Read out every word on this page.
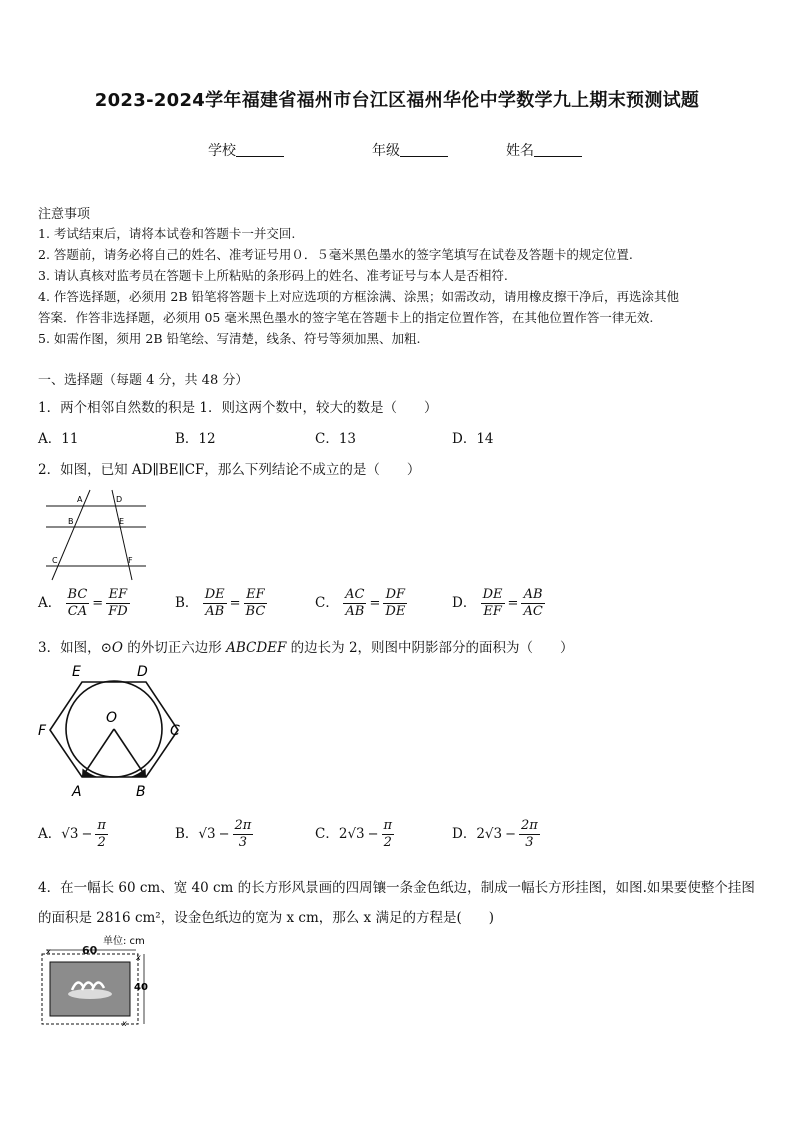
2023-2024学年福建省福州市台江区福州华伦中学数学九上期末预测试题
学校	年级	姓名
注意事项
1. 考试结束后，请将本试卷和答题卡一并交回.
2. 答题前，请务必将自己的姓名、准考证号用０．５毫米黑色墨水的签字笔填写在试卷及答题卡的规定位置.
3. 请认真核对监考员在答题卡上所粘贴的条形码上的姓名、准考证号与本人是否相符.
4. 作答选择题，必须用 2B 铅笔将答题卡上对应选项的方框涂满、涂黑；如需改动，请用橡皮擦干净后，再选涂其他
答案．作答非选择题，必须用 05 毫米黑色墨水的签字笔在答题卡上的指定位置作答，在其他位置作答一律无效.
5. 如需作图，须用 2B 铅笔绘、写清楚，线条、符号等须加黑、加粗.
一、选择题（每题 4 分，共 48 分）
1．两个相邻自然数的积是 1．则这两个数中，较大的数是（　　）
A．11	B．12	C．13	D．14
2．如图，已知 AD∥BE∥CF，那么下列结论不成立的是（　　）
A	D
B	E
C	F
A． $\frac{BC}{CA} = \frac{EF}{FD}$	B． $\frac{DE}{AB} = \frac{EF}{BC}$	C． $\frac{AC}{AB} = \frac{DF}{DE}$	D． $\frac{DE}{EF} = \frac{AB}{AC}$
3．如图，⊙O 的外切正六边形 ABCDEF 的边长为 2，则图中阴影部分的面积为（　　）
E	D
O
F	C
A	B
A．$√3 - \frac{\pi}{2}$	B．$√3 - \frac{2\pi}{3}$	C．$2√3 - \frac{\pi}{2}$	D．$2√3 - \frac{2\pi}{3}$
4．在一幅长 60 cm、宽 40 cm 的长方形风景画的四周镶一条金色纸边，制成一幅长方形挂图，如图.如果要使整个挂图
的面积是 2816 cm²，设金色纸边的宽为 x cm，那么 x 满足的方程是(　　)
单位: cm
60
x
40
x
x
